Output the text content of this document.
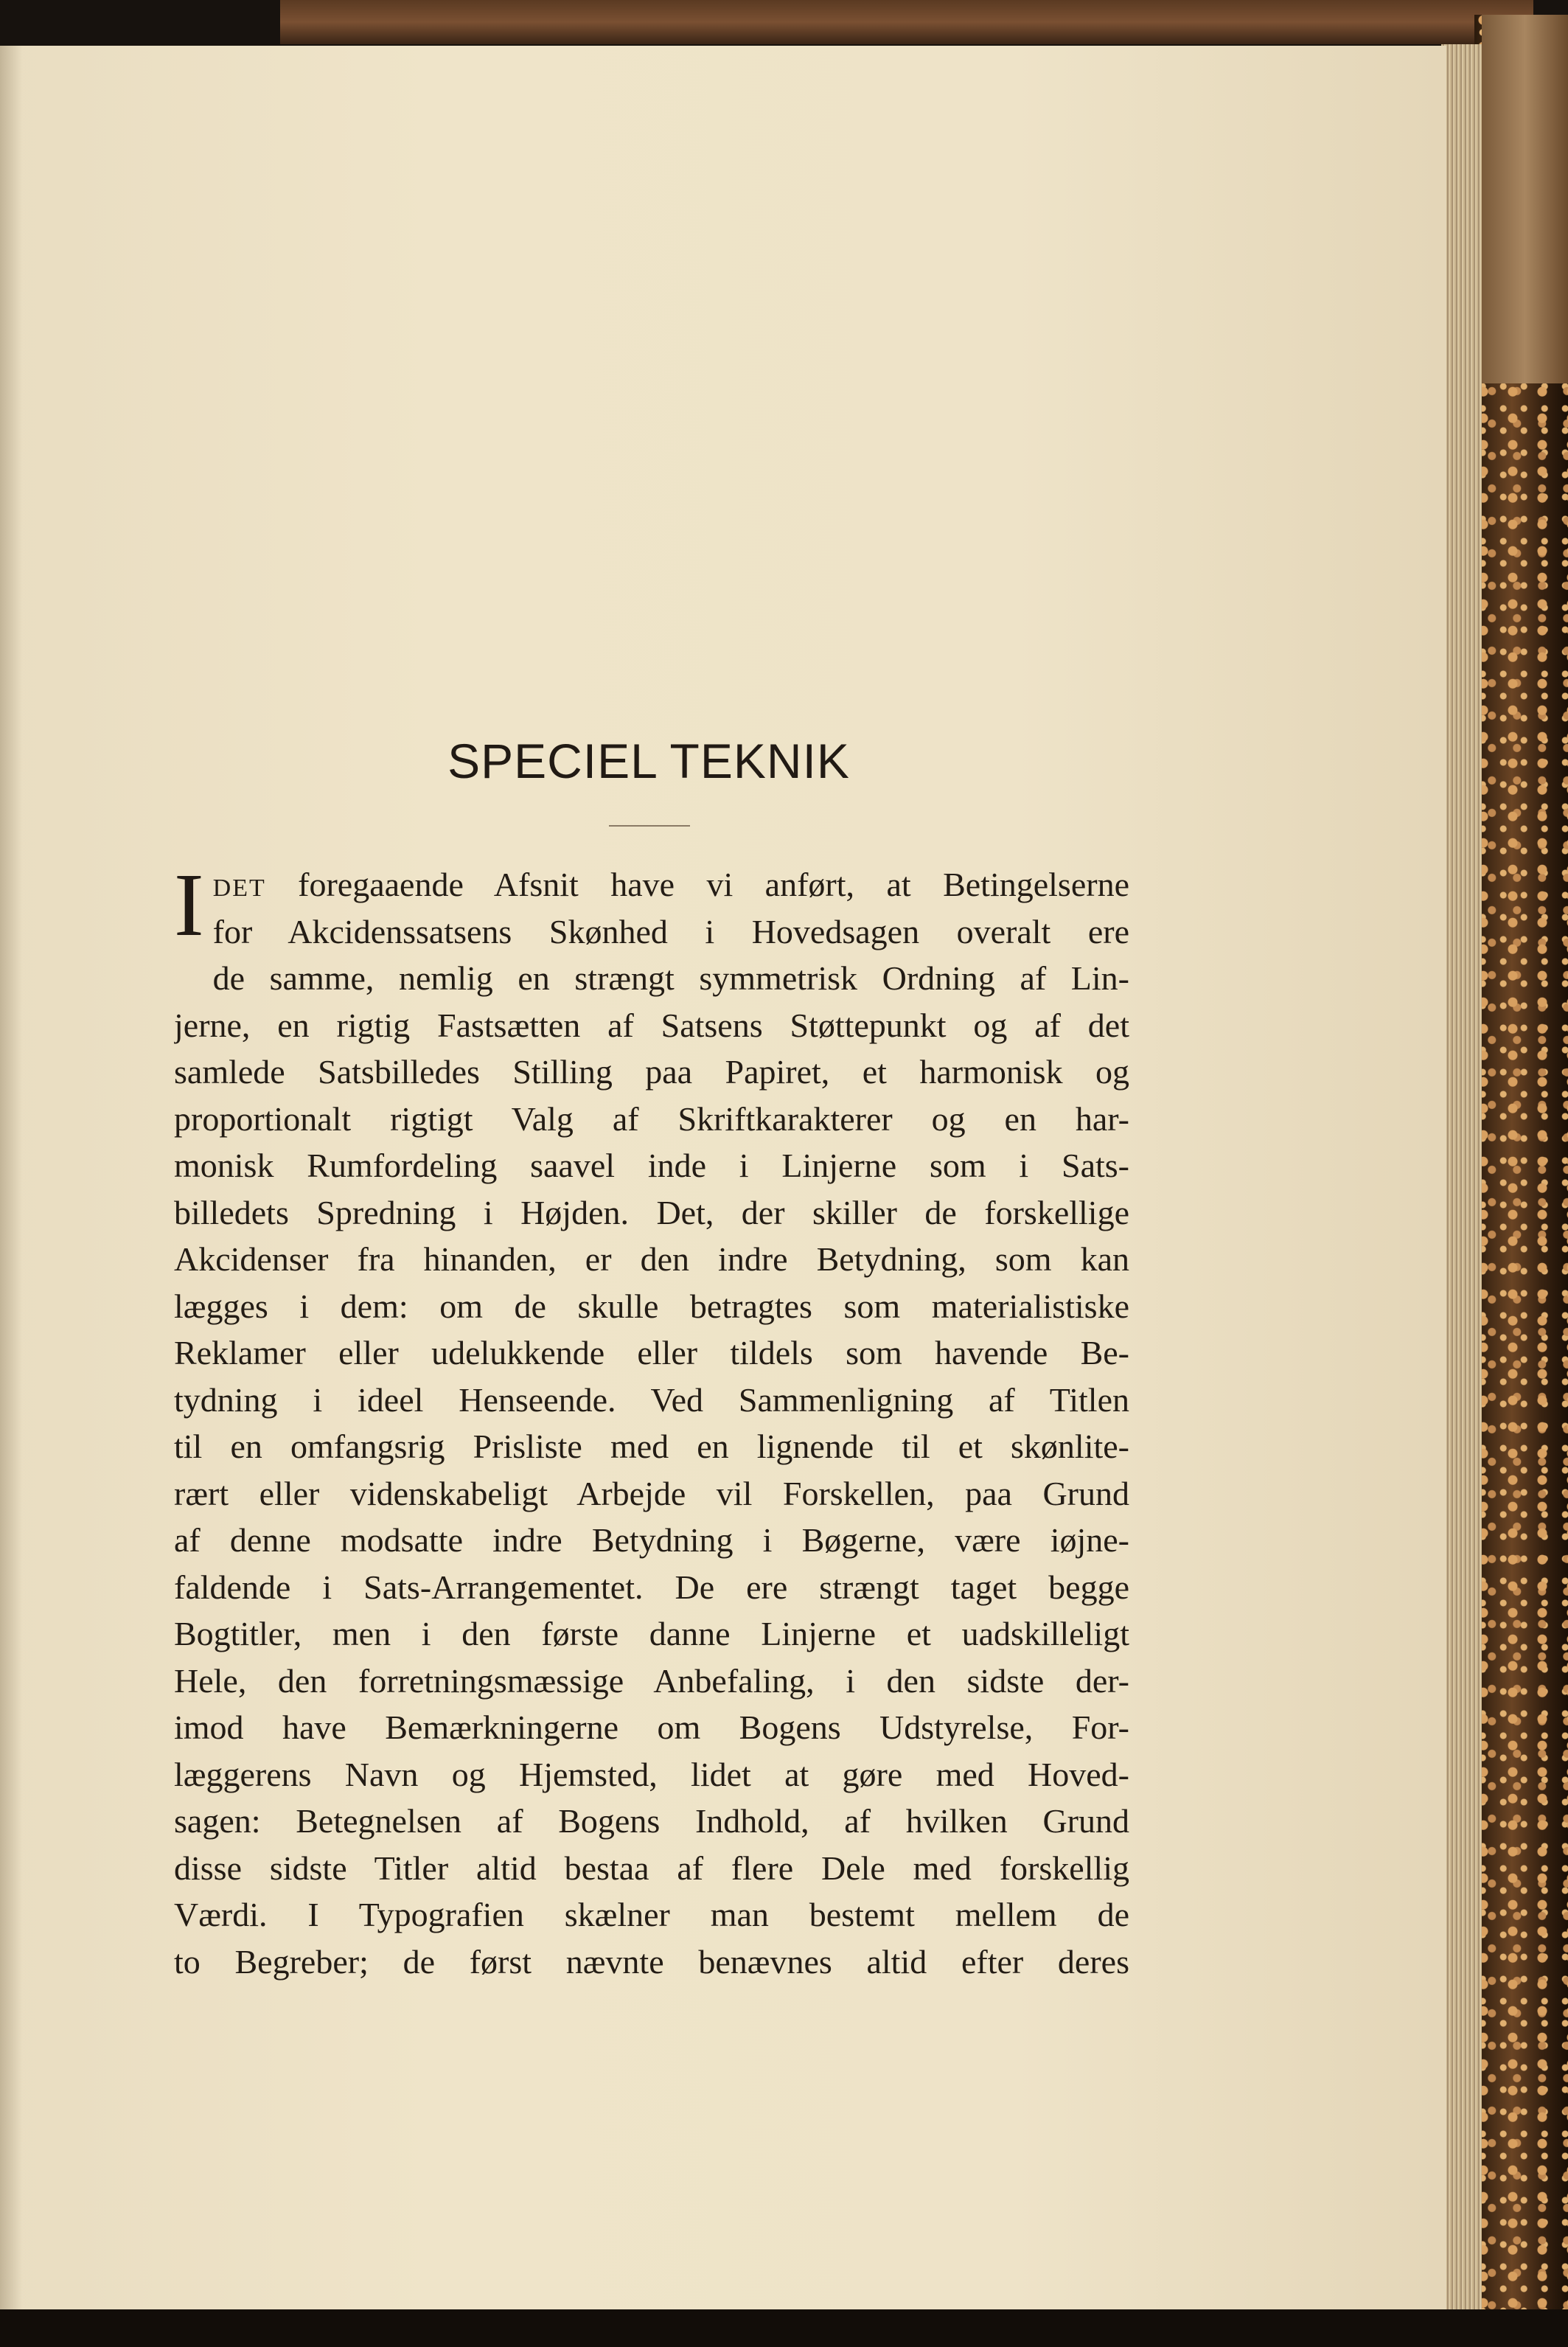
SPECIEL TEKNIK
I DET foregaaende Afsnit have vi anført, at Betingelserne
for Akcidenssatsens Skønhed i Hovedsagen overalt ere
de samme, nemlig en strængt symmetrisk Ordning af Lin-
jerne, en rigtig Fastsætten af Satsens Støttepunkt og af det
samlede Satsbilledes Stilling paa Papiret, et harmonisk og
proportionalt rigtigt Valg af Skriftkarakterer og en har-
monisk Rumfordeling saavel inde i Linjerne som i Sats-
billedets Spredning i Højden. Det, der skiller de forskellige
Akcidenser fra hinanden, er den indre Betydning, som kan
lægges i dem: om de skulle betragtes som materialistiske
Reklamer eller udelukkende eller tildels som havende Be-
tydning i ideel Henseende. Ved Sammenligning af Titlen
til en omfangsrig Prisliste med en lignende til et skønlite-
rært eller videnskabeligt Arbejde vil Forskellen, paa Grund
af denne modsatte indre Betydning i Bøgerne, være iøjne-
faldende i Sats-Arrangementet. De ere strængt taget begge
Bogtitler, men i den første danne Linjerne et uadskilleligt
Hele, den forretningsmæssige Anbefaling, i den sidste der-
imod have Bemærkningerne om Bogens Udstyrelse, For-
læggerens Navn og Hjemsted, lidet at gøre med Hoved-
sagen: Betegnelsen af Bogens Indhold, af hvilken Grund
disse sidste Titler altid bestaa af flere Dele med forskellig
Værdi. I Typografien skælner man bestemt mellem de
to Begreber; de først nævnte benævnes altid efter deres
